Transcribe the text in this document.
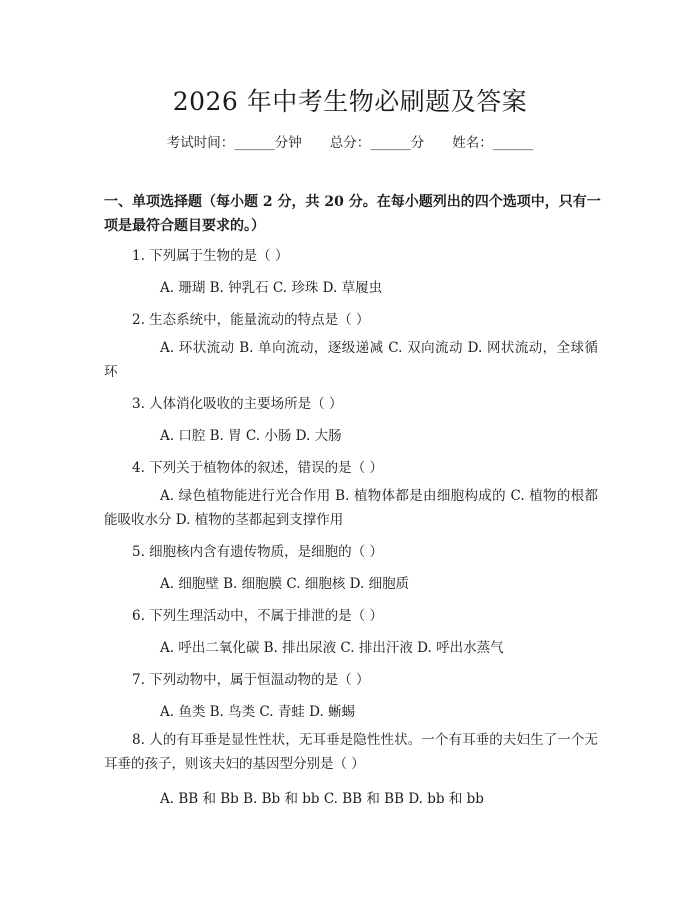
2026 年中考生物必刷题及答案
考试时间：______分钟 总分：______分 姓名：______

一、单项选择题（每小题 2 分，共 20 分。在每小题列出的四个选项中，只有一项是最符合题目要求的。）

1. 下列属于生物的是（ ）
A. 珊瑚 B. 钟乳石 C. 珍珠 D. 草履虫
2. 生态系统中，能量流动的特点是（ ）
A. 环状流动 B. 单向流动，逐级递减 C. 双向流动 D. 网状流动，全球循环
3. 人体消化吸收的主要场所是（ ）
A. 口腔 B. 胃 C. 小肠 D. 大肠
4. 下列关于植物体的叙述，错误的是（ ）
A. 绿色植物能进行光合作用 B. 植物体都是由细胞构成的 C. 植物的根都能吸收水分 D. 植物的茎都起到支撑作用
5. 细胞核内含有遗传物质，是细胞的（ ）
A. 细胞壁 B. 细胞膜 C. 细胞核 D. 细胞质
6. 下列生理活动中，不属于排泄的是（ ）
A. 呼出二氧化碳 B. 排出尿液 C. 排出汗液 D. 呼出水蒸气
7. 下列动物中，属于恒温动物的是（ ）
A. 鱼类 B. 鸟类 C. 青蛙 D. 蜥蜴
8. 人的有耳垂是显性性状，无耳垂是隐性性状。一个有耳垂的夫妇生了一个无耳垂的孩子，则该夫妇的基因型分别是（ ）
A. BB 和 Bb B. Bb 和 bb C. BB 和 BB D. bb 和 bb
